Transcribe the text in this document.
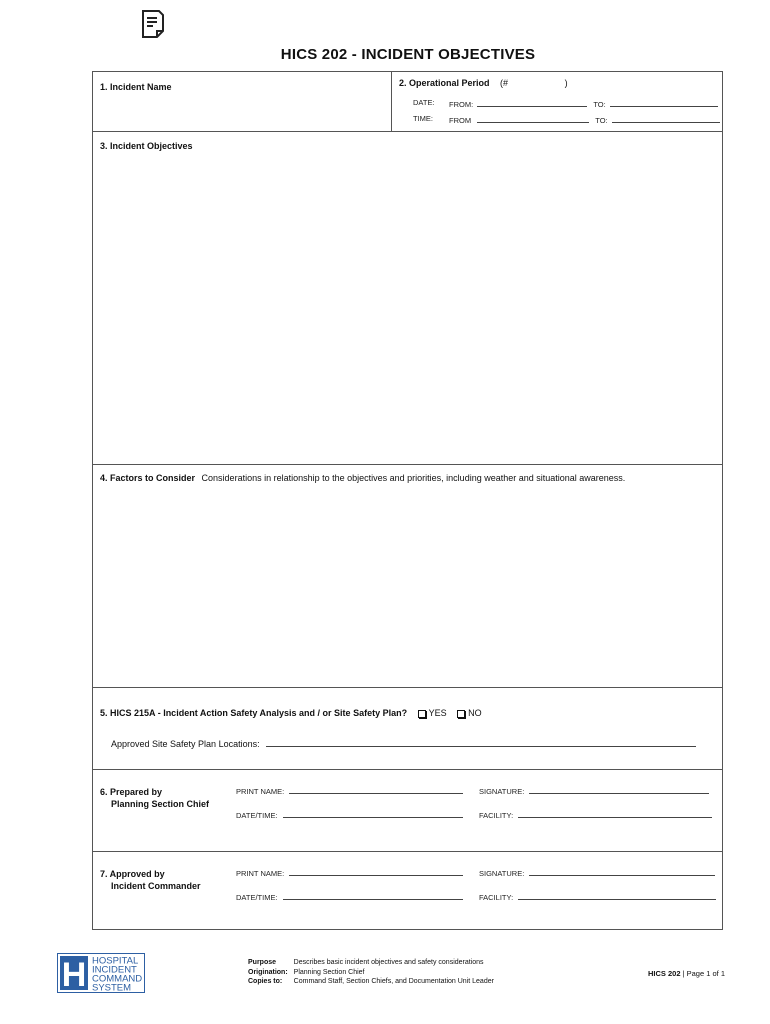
HICS 202 - INCIDENT OBJECTIVES
1. Incident Name	2. Operational Period (#	)
DATE: FROM:	TO:
TIME: FROM	TO:
3. Incident Objectives
4. Factors to Consider Considerations in relationship to the objectives and priorities, including weather and situational awareness.
5. HICS 215A - Incident Action Safety Analysis and / or Site Safety Plan? YES NO
Approved Site Safety Plan Locations:
6. Prepared by
Planning Section Chief
PRINT NAME:	SIGNATURE:
DATE/TIME:	FACILITY:
7. Approved by
Incident Commander
PRINT NAME:	SIGNATURE:
DATE/TIME:	FACILITY:
H HOSPITAL
INCIDENT
COMMAND
SYSTEM
Purpose	Describes basic incident objectives and safety considerations
Origination:	Planning Section Chief
Copies to:	Command Staff, Section Chiefs, and Documentation Unit Leader
HICS 202 | Page 1 of 1
